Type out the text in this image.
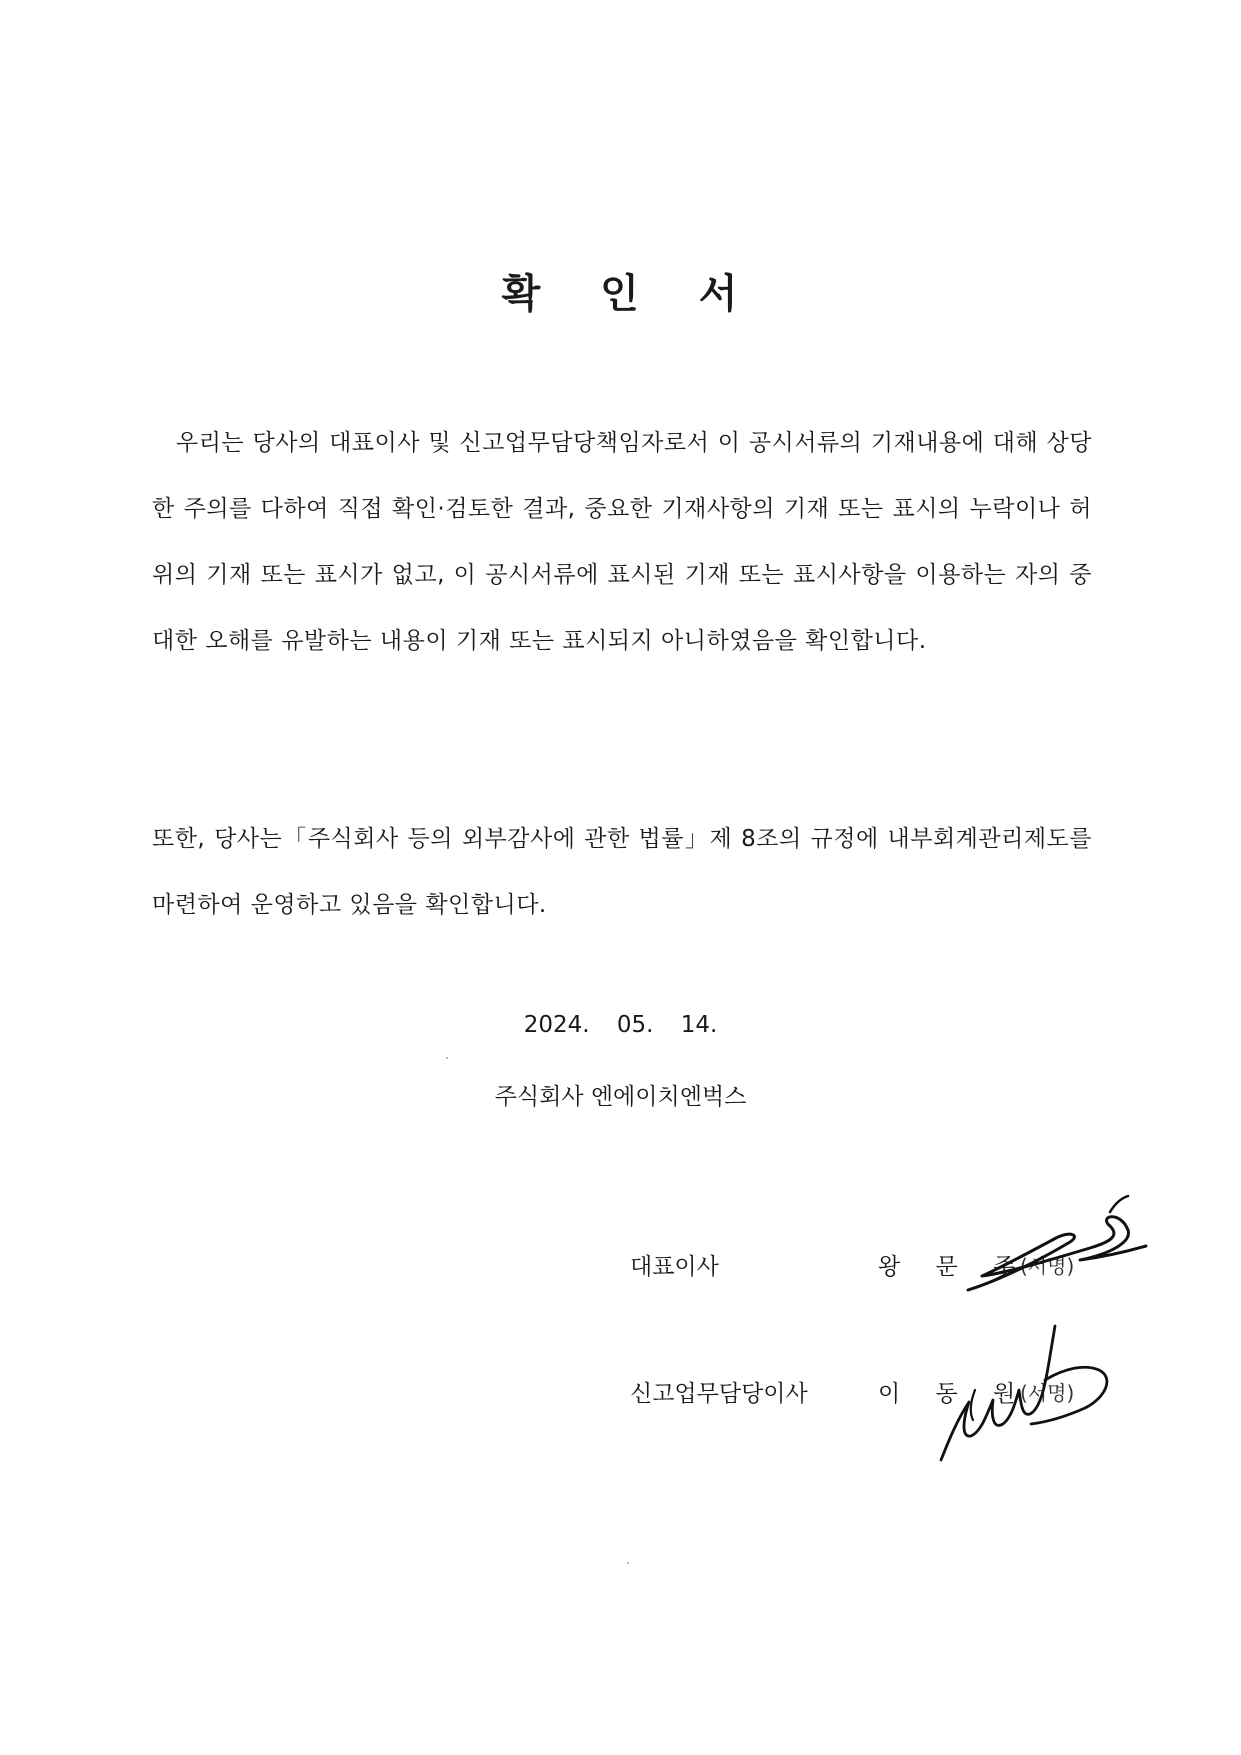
확 인 서
우리는 당사의 대표이사 및 신고업무담당책임자로서 이 공시서류의 기재내용에 대해 상당한 주의를 다하여 직접 확인·검토한 결과, 중요한 기재사항의 기재 또는 표시의 누락이나 허위의 기재 또는 표시가 없고, 이 공시서류에 표시된 기재 또는 표시사항을 이용하는 자의 중대한 오해를 유발하는 내용이 기재 또는 표시되지 아니하였음을 확인합니다.
또한, 당사는「주식회사 등의 외부감사에 관한 법률」제 8조의 규정에 내부회계관리제도를 마련하여 운영하고 있음을 확인합니다.
2024. 05. 14.
주식회사 엔에이치엔벅스
대표이사	왕 문 주
(서명)
신고업무담당이사	이 동 원
(서명)
